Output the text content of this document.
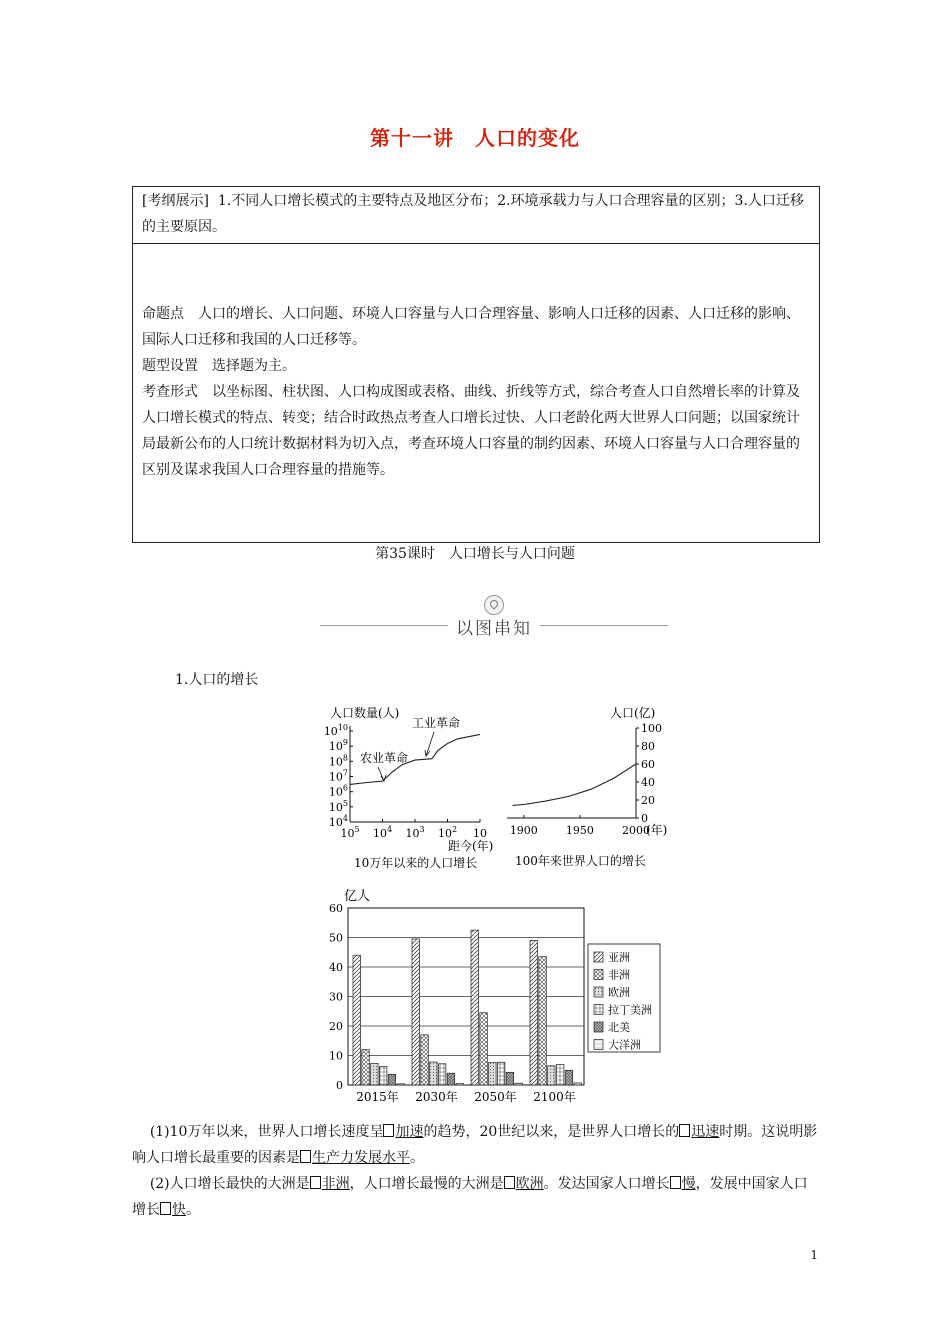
第十一讲　人口的变化
[考纲展示] 1.不同人口增长模式的主要特点及地区分布；2.环境承载力与人口合理容量的区别；3.人口迁移的主要原因。
命题点　人口的增长、人口问题、环境人口容量与人口合理容量、影响人口迁移的因素、人口迁移的影响、国际人口迁移和我国的人口迁移等。
题型设置　选择题为主。
考查形式　以坐标图、柱状图、人口构成图或表格、曲线、折线等方式，综合考查人口自然增长率的计算及人口增长模式的特点、转变；结合时政热点考查人口增长过快、人口老龄化两大世界人口问题；以国家统计局最新公布的人口统计数据材料为切入点，考查环境人口容量的制约因素、环境人口容量与人口合理容量的区别及谋求我国人口合理容量的措施等。
第35课时　人口增长与人口问题
以图串知
1.人口的增长
人口数量(人)
$10^4$
$10^5$
$10^6$
$10^7$
$10^8$
$10^9$
$10^{10}$
$10^5$ $10^4$ $10^3$ $10^2$ 10
农业革命
工业革命
距今(年)
10万年以来的人口增长
人口(亿)
0
20
40
60
80
100
1900	1950	2000
(年)
100年来世界人口的增长
亿人
0
10
20
30
40
50
60
2015年 2030年 2050年 2100年
亚洲
非洲
欧洲
拉丁美洲
北美
大洋洲
(1)10万年以来，世界人口增长速度呈 加速的趋势，20世纪以来，是世界人口增长的 迅速时期。这说明影响人口增长最重要的因素是 生产力发展水平。
(2)人口增长最快的大洲是 非洲，人口增长最慢的大洲是 欧洲。发达国家人口增长 慢，发展中国家人口增长 快。
1
